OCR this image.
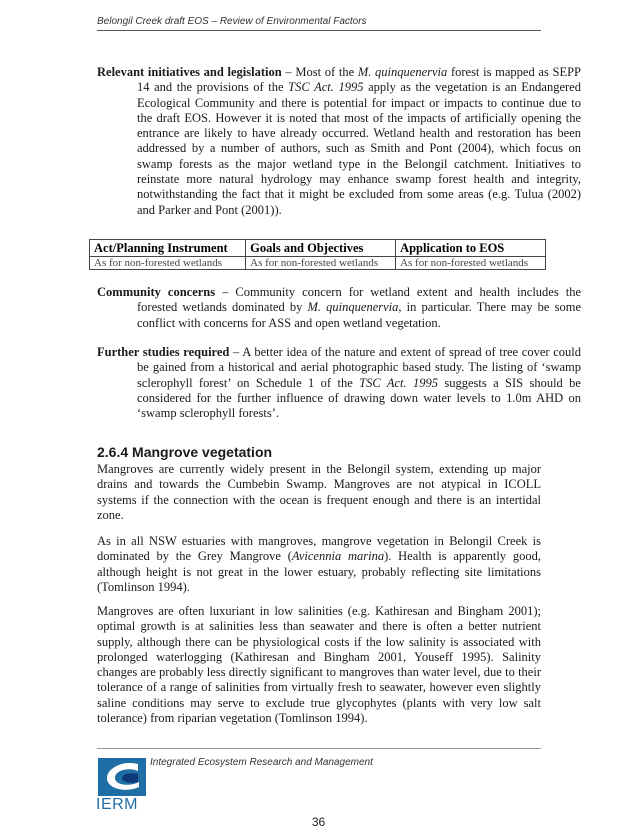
Belongil Creek draft EOS – Review of Environmental Factors

Relevant initiatives and legislation – Most of the M. quinquenervia forest is mapped as SEPP 14 and the provisions of the TSC Act. 1995 apply as the vegetation is an Endangered Ecological Community and there is potential for impact or impacts to continue due to the draft EOS. However it is noted that most of the impacts of artificially opening the entrance are likely to have already occurred. Wetland health and restoration has been addressed by a number of authors, such as Smith and Pont (2004), which focus on swamp forests as the major wetland type in the Belongil catchment. Initiatives to reinstate more natural hydrology may enhance swamp forest health and integrity, notwithstanding the fact that it might be excluded from some areas (e.g. Tulua (2002) and Parker and Pont (2001)).

Act/Planning Instrument	Goals and Objectives	Application to EOS
As for non-forested wetlands	As for non-forested wetlands	As for non-forested wetlands

Community concerns – Community concern for wetland extent and health includes the forested wetlands dominated by M. quinquenervia, in particular. There may be some conflict with concerns for ASS and open wetland vegetation.

Further studies required – A better idea of the nature and extent of spread of tree cover could be gained from a historical and aerial photographic based study. The listing of ‘swamp sclerophyll forest’ on Schedule 1 of the TSC Act. 1995 suggests a SIS should be considered for the further influence of drawing down water levels to 1.0m AHD on ‘swamp sclerophyll forests’.

2.6.4 Mangrove vegetation

Mangroves are currently widely present in the Belongil system, extending up major drains and towards the Cumbebin Swamp. Mangroves are not atypical in ICOLL systems if the connection with the ocean is frequent enough and there is an intertidal zone.

As in all NSW estuaries with mangroves, mangrove vegetation in Belongil Creek is dominated by the Grey Mangrove (Avicennia marina). Health is apparently good, although height is not great in the lower estuary, probably reflecting site limitations (Tomlinson 1994).

Mangroves are often luxuriant in low salinities (e.g. Kathiresan and Bingham 2001); optimal growth is at salinities less than seawater and there is often a better nutrient supply, although there can be physiological costs if the low salinity is associated with prolonged waterlogging (Kathiresan and Bingham 2001, Youseff 1995). Salinity changes are probably less directly significant to mangroves than water level, due to their tolerance of a range of salinities from virtually fresh to seawater, however even slightly saline conditions may serve to exclude true glycophytes (plants with very low salt tolerance) from riparian vegetation (Tomlinson 1994).

IERM
Integrated Ecosystem Research and Management
36
